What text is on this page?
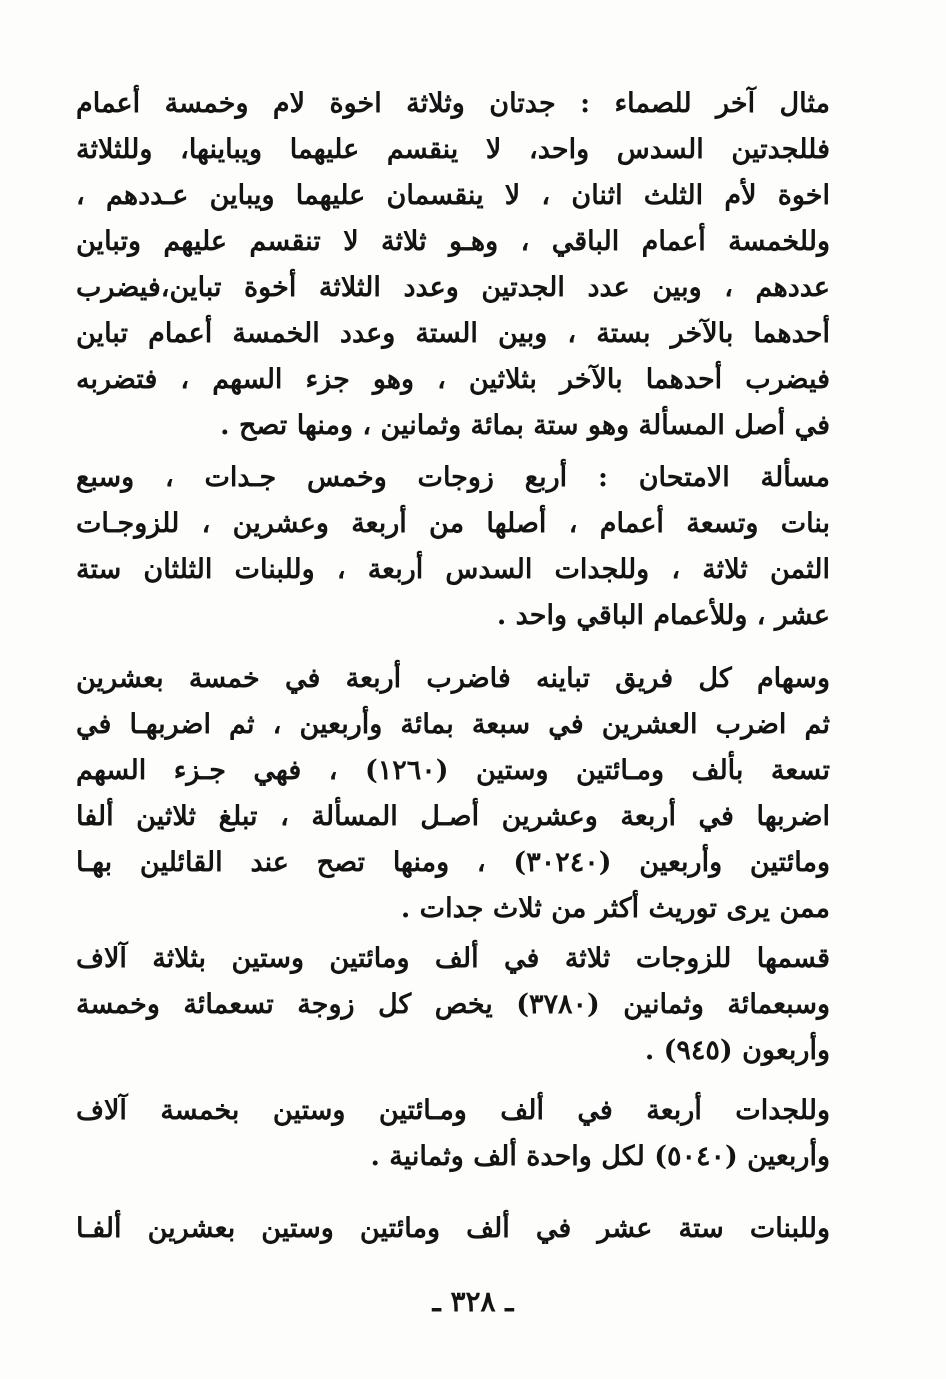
مثال آخر للصماء : جدتان وثلاثة اخوة لام وخمسة أعمام
فللجدتين السدس واحد، لا ينقسم عليهما ويباينها، وللثلاثة
اخوة لأم الثلث اثنان ، لا ينقسمان عليهما ويباين عـددهم ،
وللخمسة أعمام الباقي ، وهـو ثلاثة لا تنقسم عليهم وتباين
عددهم ، وبين عدد الجدتين وعدد الثلاثة أخوة تباين،فيضرب
أحدهما بالآخر بستة ، وبين الستة وعدد الخمسة أعمام تباين
فيضرب أحدهما بالآخر بثلاثين ، وهو جزء السهم ، فتضربه
في أصل المسألة وهو ستة بمائة وثمانين ، ومنها تصح .
مسألة الامتحان : أربع زوجات وخمس جـدات ، وسبع
بنات وتسعة أعمام ، أصلها من أربعة وعشرين ، للزوجـات
الثمن ثلاثة ، وللجدات السدس أربعة ، وللبنات الثلثان ستة
عشر ، وللأعمام الباقي واحد .
وسهام كل فريق تباينه فاضرب أربعة في خمسة بعشرين
ثم اضرب العشرين في سبعة بمائة وأربعين ، ثم اضربهـا في
تسعة بألف ومـائتين وستين (١٢٦٠) ، فهي جـزء السهم
اضربها في أربعة وعشرين أصـل المسألة ، تبلغ ثلاثين ألفا
ومائتين وأربعين (٣٠٢٤٠) ، ومنها تصح عند القائلين بهـا
ممن يرى توريث أكثر من ثلاث جدات .
قسمها للزوجات ثلاثة في ألف ومائتين وستين بثلاثة آلاف
وسبعمائة وثمانين (٣٧٨٠) يخص كل زوجة تسعمائة وخمسة
وأربعون (٩٤٥) .
وللجدات أربعة في ألف ومـائتين وستين بخمسة آلاف
وأربعين (٥٠٤٠) لكل واحدة ألف وثمانية .
وللبنات ستة عشر في ألف ومائتين وستين بعشرين ألفـا
ـ ٣٢٨ ـ
